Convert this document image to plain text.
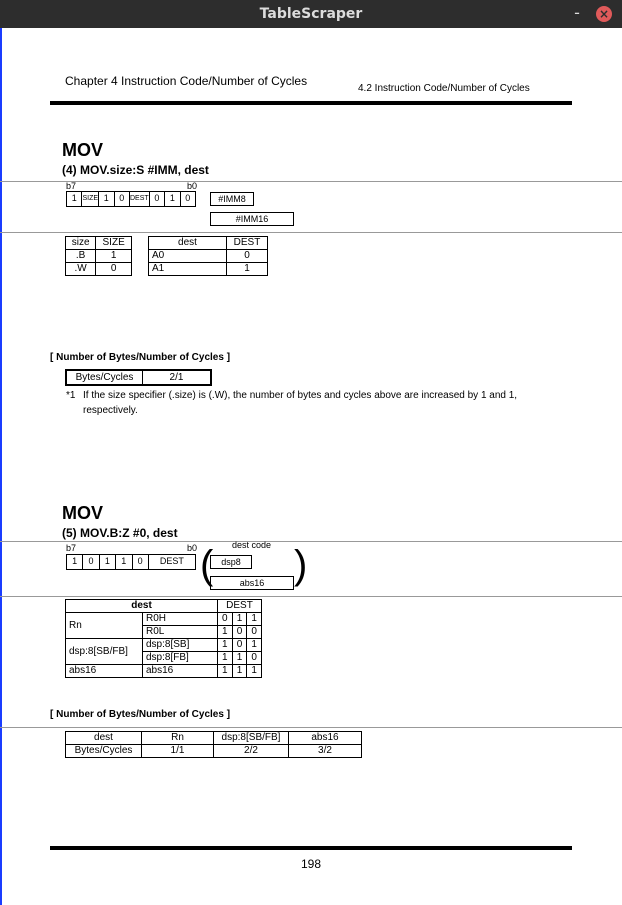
TableScraper	-	×
Chapter 4 Instruction Code/Number of Cycles
4.2 Instruction Code/Number of Cycles
MOV
(4) MOV.size:S #IMM, dest
b7	b0
1 SIZE 1	0 DEST 0	1	0	#IMM8
#IMM16
size	SIZE
.B	1
.W	0
dest	DEST
A0	0
A1	1
[ Number of Bytes/Number of Cycles ]
Bytes/Cycles	2/1
*1 If the size specifier (.size) is (.W), the number of bytes and cycles above are increased by 1 and 1,
respectively.
MOV
(5) MOV.B:Z #0, dest
b7	b0	dest code
1	0	1	1	0	DEST ( dsp8
abs16 )
dest		DEST		
Rn	R0H	0	1	1
	R0L	1	0	0
dsp:8[SB/FB]	dsp:8[SB]	1	0	1
	dsp:8[FB]	1	1	0
abs16	abs16	1	1	1
[ Number of Bytes/Number of Cycles ]
dest	Rn	dsp:8[SB/FB]	abs16
Bytes/Cycles	1/1	2/2	3/2
198
